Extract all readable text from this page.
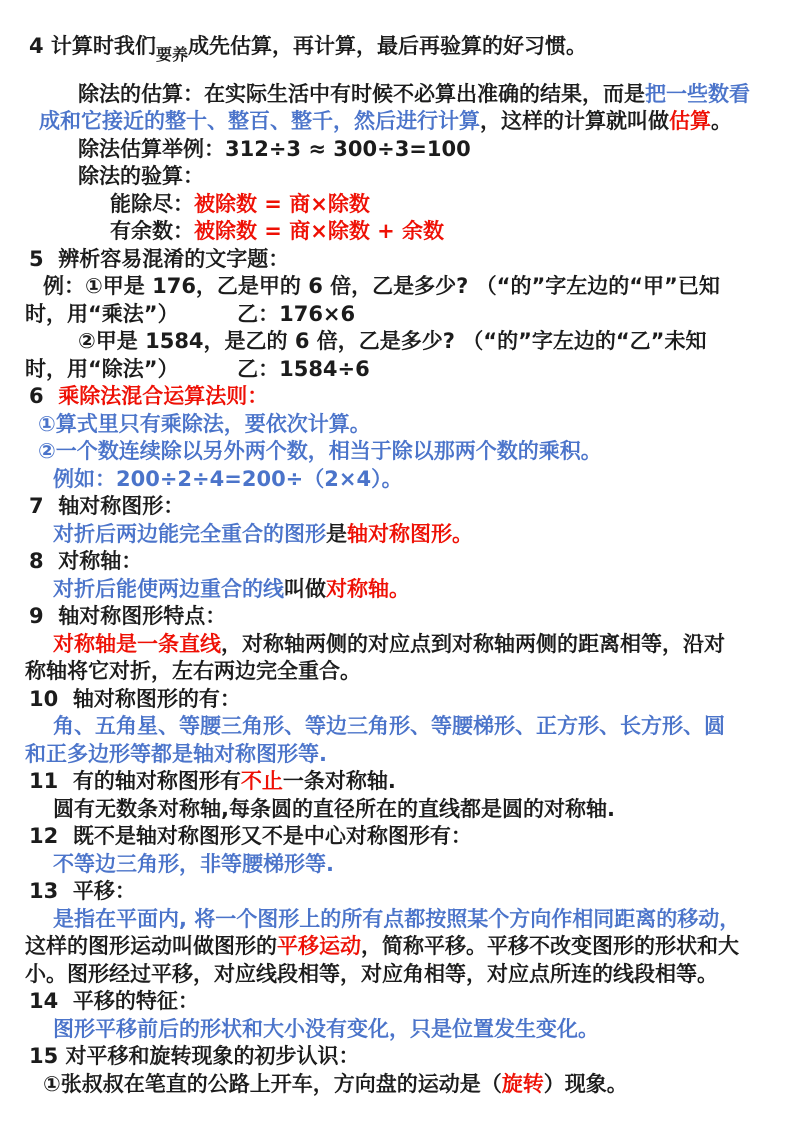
4 计算时我们$_{要养}$成先估算，再计算，最后再验算的好习惯。
除法的估算：在实际生活中有时候不必算出准确的结果，而是把一些数看
成和它接近的整十、整百、整千，然后进行计算，这样的计算就叫做估算。
除法估算举例：312÷3 ≈ 300÷3=100
除法的验算：
能除尽：被除数 = 商×除数
有余数：被除数 = 商×除数 + 余数
5  辨析容易混淆的文字题：
例：①甲是 176，乙是甲的 6 倍，乙是多少? （“的”字左边的“甲”已知
时，用“乘法”）        乙：176×6
②甲是 1584，是乙的 6 倍，乙是多少? （“的”字左边的“乙”未知
时，用“除法”）        乙：1584÷6
6  乘除法混合运算法则：
①算式里只有乘除法，要依次计算。
②一个数连续除以另外两个数，相当于除以那两个数的乘积。
例如：200÷2÷4=200÷（2×4）。
7  轴对称图形：
对折后两边能完全重合的图形是轴对称图形。
8  对称轴：
对折后能使两边重合的线叫做对称轴。
9  轴对称图形特点：
对称轴是一条直线，对称轴两侧的对应点到对称轴两侧的距离相等，沿对
称轴将它对折，左右两边完全重合。
10  轴对称图形的有：
角、五角星、等腰三角形、等边三角形、等腰梯形、正方形、长方形、圆
和正多边形等都是轴对称图形等.
11  有的轴对称图形有不止一条对称轴.
圆有无数条对称轴,每条圆的直径所在的直线都是圆的对称轴.
12  既不是轴对称图形又不是中心对称图形有：
不等边三角形，非等腰梯形等.
13  平移：
是指在平面内, 将一个图形上的所有点都按照某个方向作相同距离的移动，
这样的图形运动叫做图形的平移运动，简称平移。平移不改变图形的形状和大
小。图形经过平移，对应线段相等，对应角相等，对应点所连的线段相等。
14  平移的特征：
图形平移前后的形状和大小没有变化，只是位置发生变化。
15 对平移和旋转现象的初步认识：
①张叔叔在笔直的公路上开车，方向盘的运动是（旋转）现象。
